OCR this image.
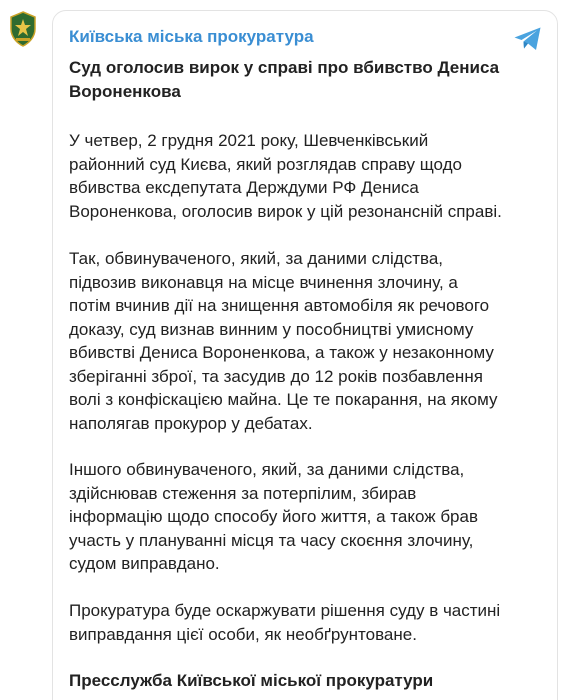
Київська міська прокуратура
Суд оголосив вирок у справі про вбивство Дениса
Вороненкова
У четвер, 2 грудня 2021 року, Шевченківський
районний суд Києва, який розглядав справу щодо
вбивства ексдепутата Держдуми РФ Дениса
Вороненкова, оголосив вирок у цій резонансній справі.
Так, обвинуваченого, який, за даними слідства,
підвозив виконавця на місце вчинення злочину, а
потім вчинив дії на знищення автомобіля як речового
доказу, суд визнав винним у пособництві умисному
вбивстві Дениса Вороненкова, а також у незаконному
зберіганні зброї, та засудив до 12 років позбавлення
волі з конфіскацією майна. Це те покарання, на якому
наполягав прокурор у дебатах.
Іншого обвинуваченого, який, за даними слідства,
здійснював стеження за потерпілим, збирав
інформацію щодо способу його життя, а також брав
участь у плануванні місця та часу скоєння злочину,
судом виправдано.
Прокуратура буде оскаржувати рішення суду в частині
виправдання цієї особи, як необґрунтоване.
Пресслужба Київської міської прокуратури
